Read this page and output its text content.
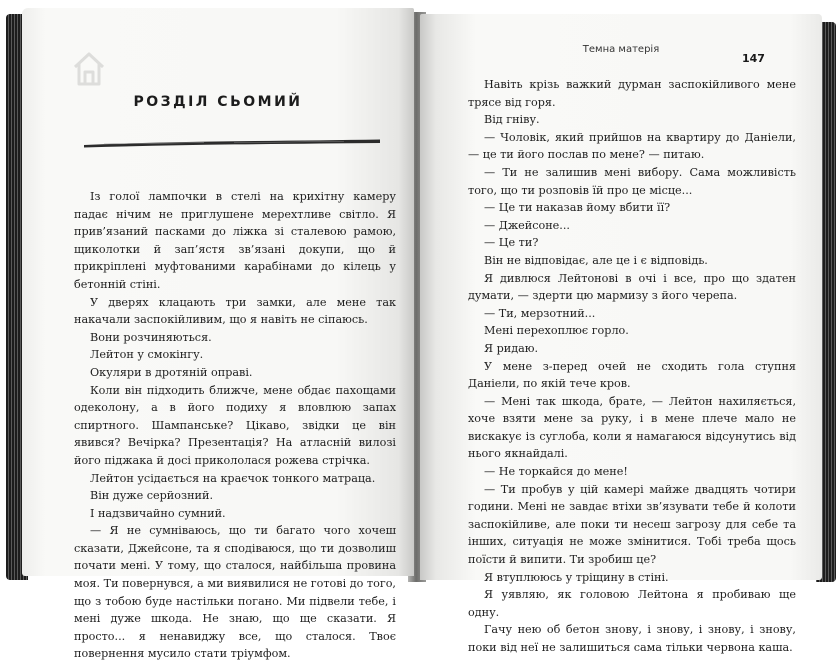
РОЗДІЛ СЬОМИЙ

Із голої лампочки в стелі на крихітну камеру падає нічим не приглушене мерехтливе світло. Я прив’язаний пасками до ліжка зі сталевою рамою, щиколотки й зап’ястя зв’язані докупи, що й прикріплені муфтованими карабінами до кілець у бетонній стіні.

У дверях клацають три замки, але мене так накачали заспокійливим, що я навіть не сіпаюсь.

Вони розчиняються.

Лейтон у смокінгу.

Окуляри в дротяній оправі.

Коли він підходить ближче, мене обдає пахощами одеколону, а в його подиху я вловлюю запах спиртного. Шампанське? Цікаво, звідки це він явився? Вечірка? Презентація? На атласній вилозі його піджака й досі прикололася рожева стрічка.

Лейтон усідається на краєчок тонкого матраца.

Він дуже серйозний.

І надзвичайно сумний.

— Я не сумніваюсь, що ти багато чого хочеш сказати, Джейсоне, та я сподіваюся, що ти дозволиш почати мені. У тому, що сталося, найбільша провина моя. Ти повернувся, а ми виявилися не готові до того, що з тобою буде настільки погано. Ми підвели тебе, і мені дуже шкода. Не знаю, що ще сказати. Я просто... я ненавиджу все, що сталося. Твоє повернення мусило стати тріумфом.

Темна матерія
147

Навіть крізь важкий дурман заспокійливого мене трясе від горя.

Від гніву.

— Чоловік, який прийшов на квартиру до Даніели, — це ти його послав по мене? — питаю.

— Ти не залишив мені вибору. Сама можливість того, що ти розповів їй про це місце...

— Це ти наказав йому вбити її?

— Джейсоне...

— Це ти?

Він не відповідає, але це і є відповідь.

Я дивлюся Лейтонові в очі і все, про що здатен думати, — здерти цю мармизу з його черепа.

— Ти, мерзотний...

Мені перехоплює горло.

Я ридаю.

У мене з-перед очей не сходить гола ступня Даніели, по якій тече кров.

— Мені так шкода, брате, — Лейтон нахиляється, хоче взяти мене за руку, і в мене плече мало не вискакує із суглоба, коли я намагаюся відсунутись від нього якнайдалі.

— Не торкайся до мене!

— Ти пробув у цій камері майже двадцять чотири години. Мені не завдає втіхи зв’язувати тебе й колоти заспокійливе, але поки ти несеш загрозу для себе та інших, ситуація не може змінитися. Тобі треба щось поїсти й випити. Ти зробиш це?

Я втуплююсь у тріщину в стіні.

Я уявляю, як головою Лейтона я пробиваю ще одну.

Гачу нею об бетон знову, і знову, і знову, і знову, поки від неї не залишиться сама тільки червона каша.
